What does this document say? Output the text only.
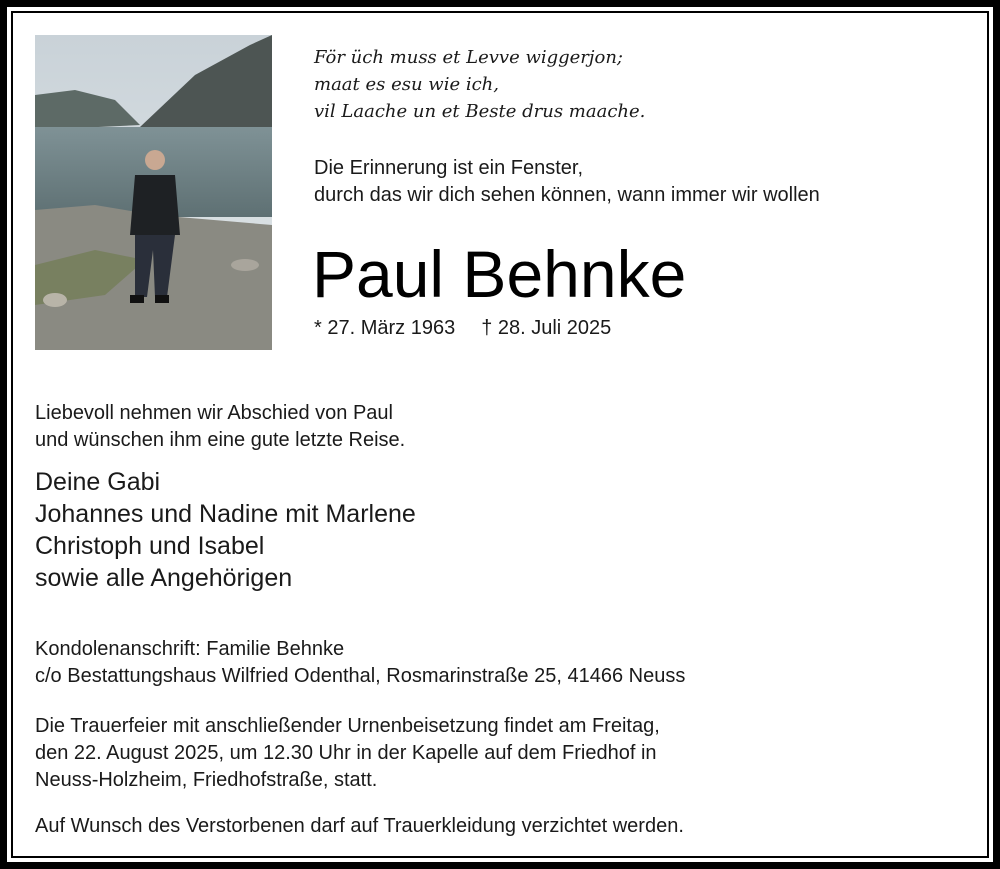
För üch muss et Levve wiggerjon;
maat es esu wie ich,
vil Laache un et Beste drus maache.
Die Erinnerung ist ein Fenster,
durch das wir dich sehen können, wann immer wir wollen
Paul Behnke
* 27. März 1963 † 28. Juli 2025
Liebevoll nehmen wir Abschied von Paul
und wünschen ihm eine gute letzte Reise.
Deine Gabi
Johannes und Nadine mit Marlene
Christoph und Isabel
sowie alle Angehörigen
Kondolenanschrift: Familie Behnke
c/o Bestattungshaus Wilfried Odenthal, Rosmarinstraße 25, 41466 Neuss
Die Trauerfeier mit anschließender Urnenbeisetzung findet am Freitag,
den 22. August 2025, um 12.30 Uhr in der Kapelle auf dem Friedhof in
Neuss-Holzheim, Friedhofstraße, statt.
Auf Wunsch des Verstorbenen darf auf Trauerkleidung verzichtet werden.
